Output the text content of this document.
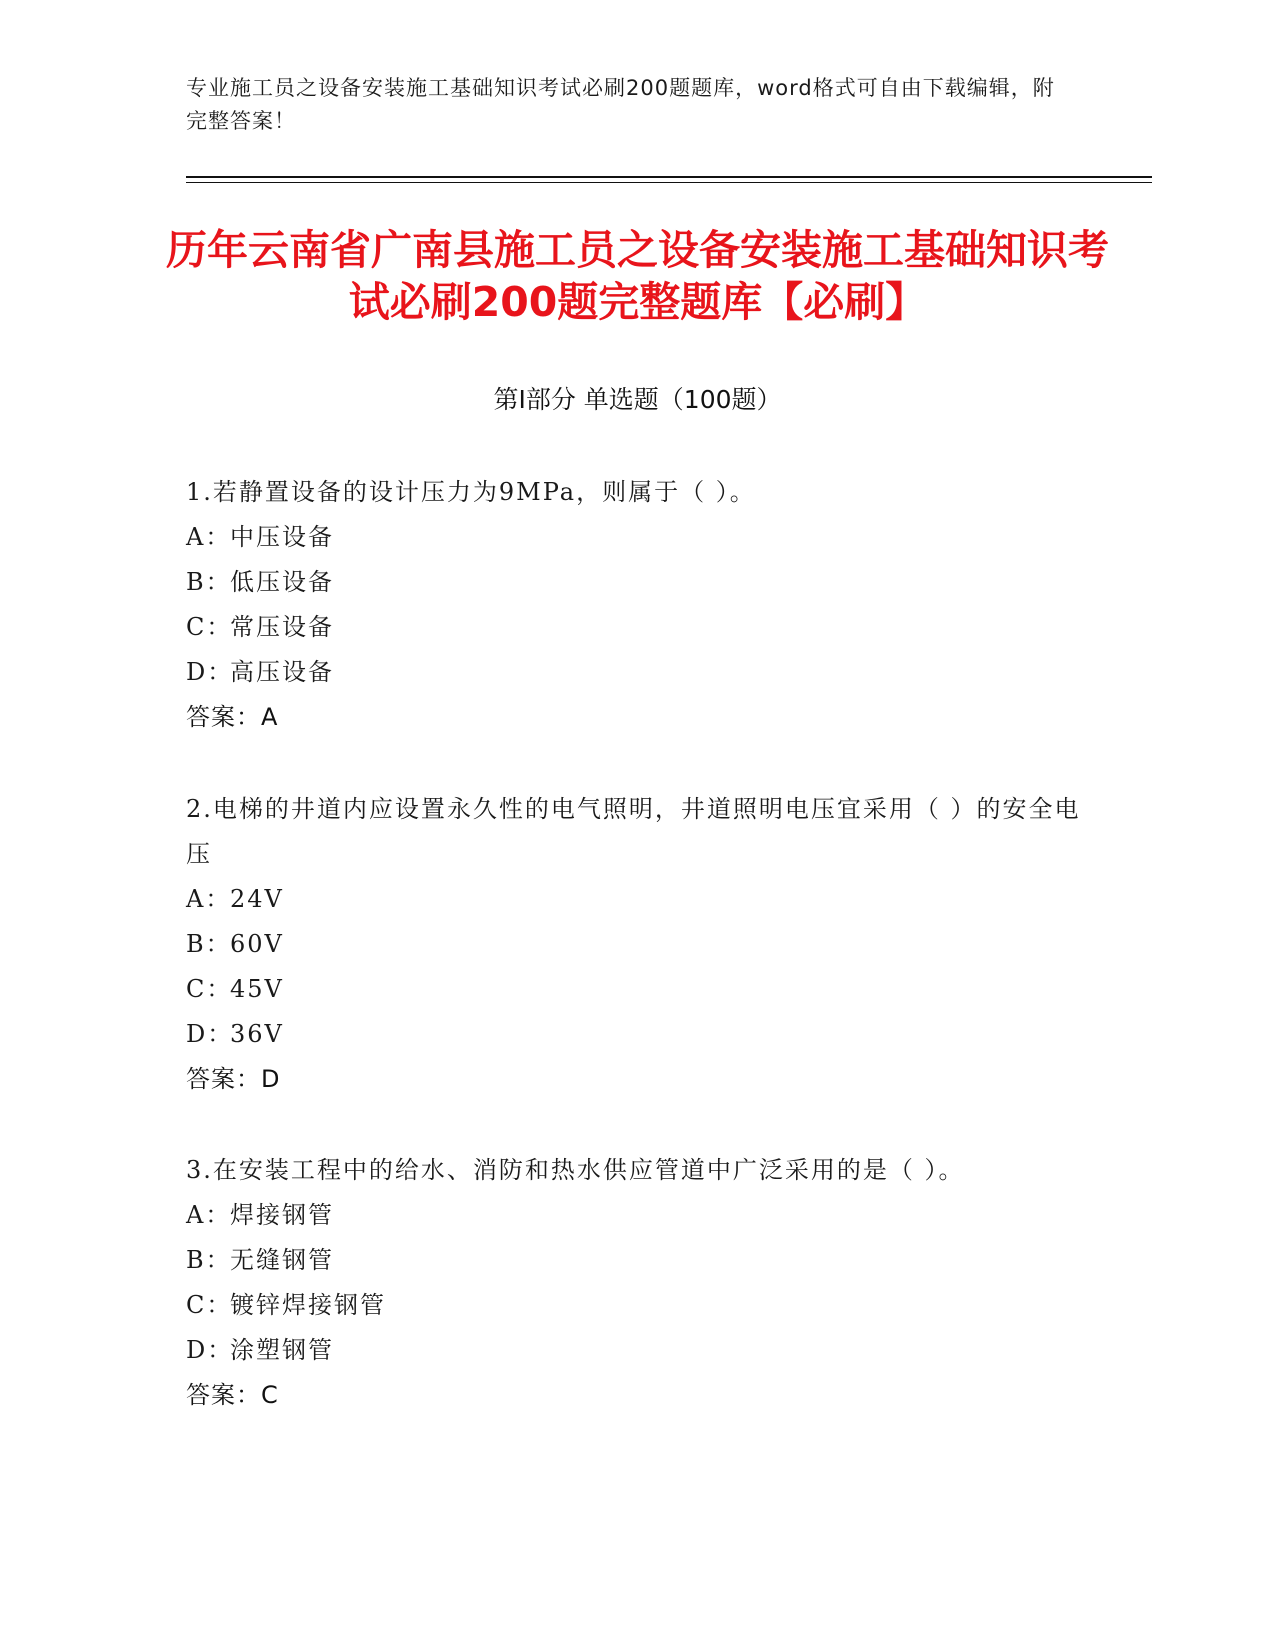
专业施工员之设备安装施工基础知识考试必刷200题题库，word格式可自由下载编辑，附完整答案！
历年云南省广南县施工员之设备安装施工基础知识考试必刷200题完整题库【必刷】
第I部分 单选题（100题）
1.若静置设备的设计压力为9MPa，则属于（ ）。
A：中压设备
B：低压设备
C：常压设备
D：高压设备
答案：A
2.电梯的井道内应设置永久性的电气照明，井道照明电压宜采用（ ）的安全电压
A：24V
B：60V
C：45V
D：36V
答案：D
3.在安装工程中的给水、消防和热水供应管道中广泛采用的是（ ）。
A：焊接钢管
B：无缝钢管
C：镀锌焊接钢管
D：涂塑钢管
答案：C
